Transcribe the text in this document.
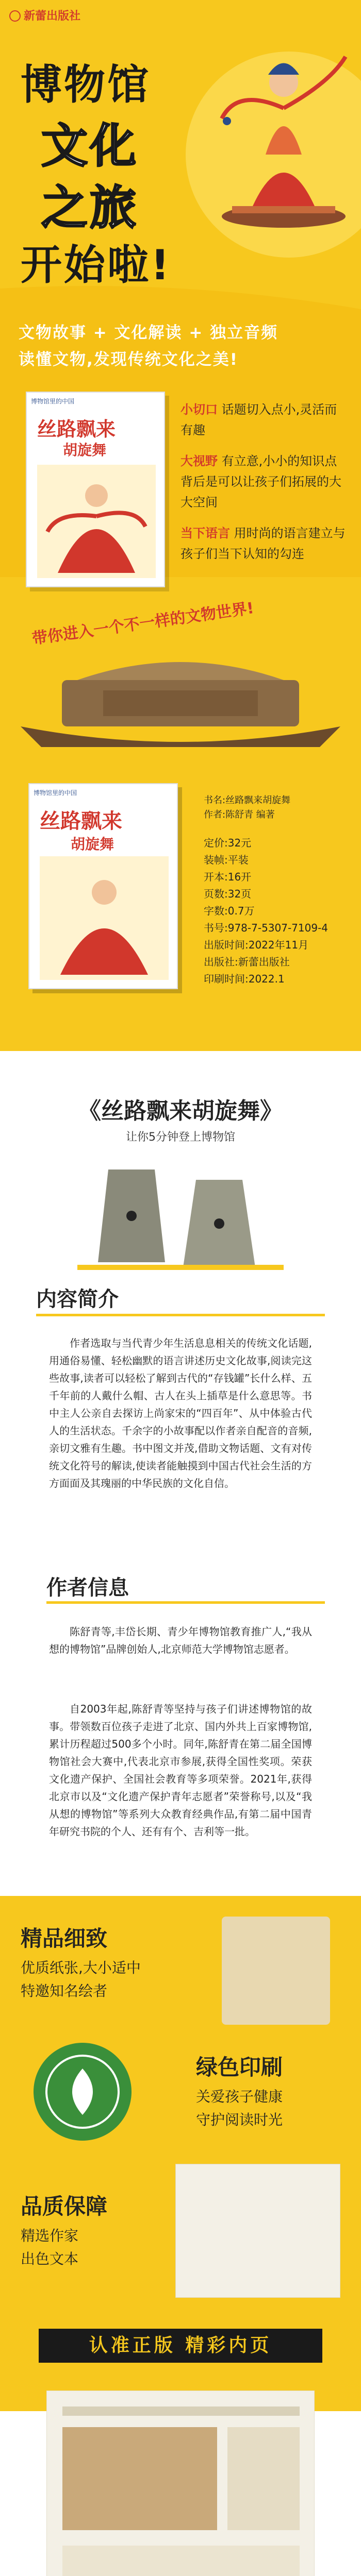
新蕾出版社
博物馆
文化
之旅
开始啦!
文物故事 + 文化解读 + 独立音频
读懂文物,发现传统文化之美!
博物馆里的中国
丝路飘来
胡旋舞
小切口 话题切入点小,灵活而有趣
大视野 有立意,小小的知识点背后是可以让孩子们拓展的大大空间
当下语言 用时尚的语言建立与孩子们当下认知的勾连
带你进入一个不一样的文物世界!
博物馆里的中国
丝路飘来
胡旋舞
书名:丝路飘来胡旋舞
作者:陈舒青 编著
定价:32元
装帧:平装
开本:16开
页数:32页
字数:0.7万
书号:978-7-5307-7109-4
出版时间:2022年11月
出版社:新蕾出版社
印刷时间:2022.1
《丝路飘来胡旋舞》
让你5分钟登上博物馆
内容简介
作者选取与当代青少年生活息息相关的传统文化话题,用通俗易懂、轻松幽默的语言讲述历史文化故事,阅读完这些故事,读者可以轻松了解到古代的“存钱罐”长什么样、五千年前的人戴什么帽、古人在头上插草是什么意思等。书中主人公亲自去探访上尚家宋的“四百年”、从中体验古代人的生活状态。千余字的小故事配以作者亲自配音的音频,亲切文雅有生趣。书中图文并茂,借助文物话题、文有对传统文化符号的解读,使读者能触摸到中国古代社会生活的方方面面及其瑰丽的中华民族的文化自信。
作者信息
陈舒青等,丰岱长期、青少年博物馆教育推广人,“我从想的博物馆”品牌创始人,北京师范大学博物馆志愿者。
自2003年起,陈舒青等坚持与孩子们讲述博物馆的故事。带领数百位孩子走进了北京、国内外共上百家博物馆,累计历程超过500多个小时。同年,陈舒青在第二届全国博物馆社会大赛中,代表北京市参展,获得全国性奖项。荣获文化遗产保护、全国社会教育等多项荣誉。2021年,获得北京市以及“文化遗产保护青年志愿者”荣誉称号,以及“我从想的博物馆”等系列大众教育经典作品,有第二届中国青年研究书院的个人、还有有个、吉利等一批。
精品细致
优质纸张,大小适中
特邀知名绘者
绿色印刷
关爱孩子健康
守护阅读时光
品质保障
精选作家
出色文本
认准正版 精彩内页
